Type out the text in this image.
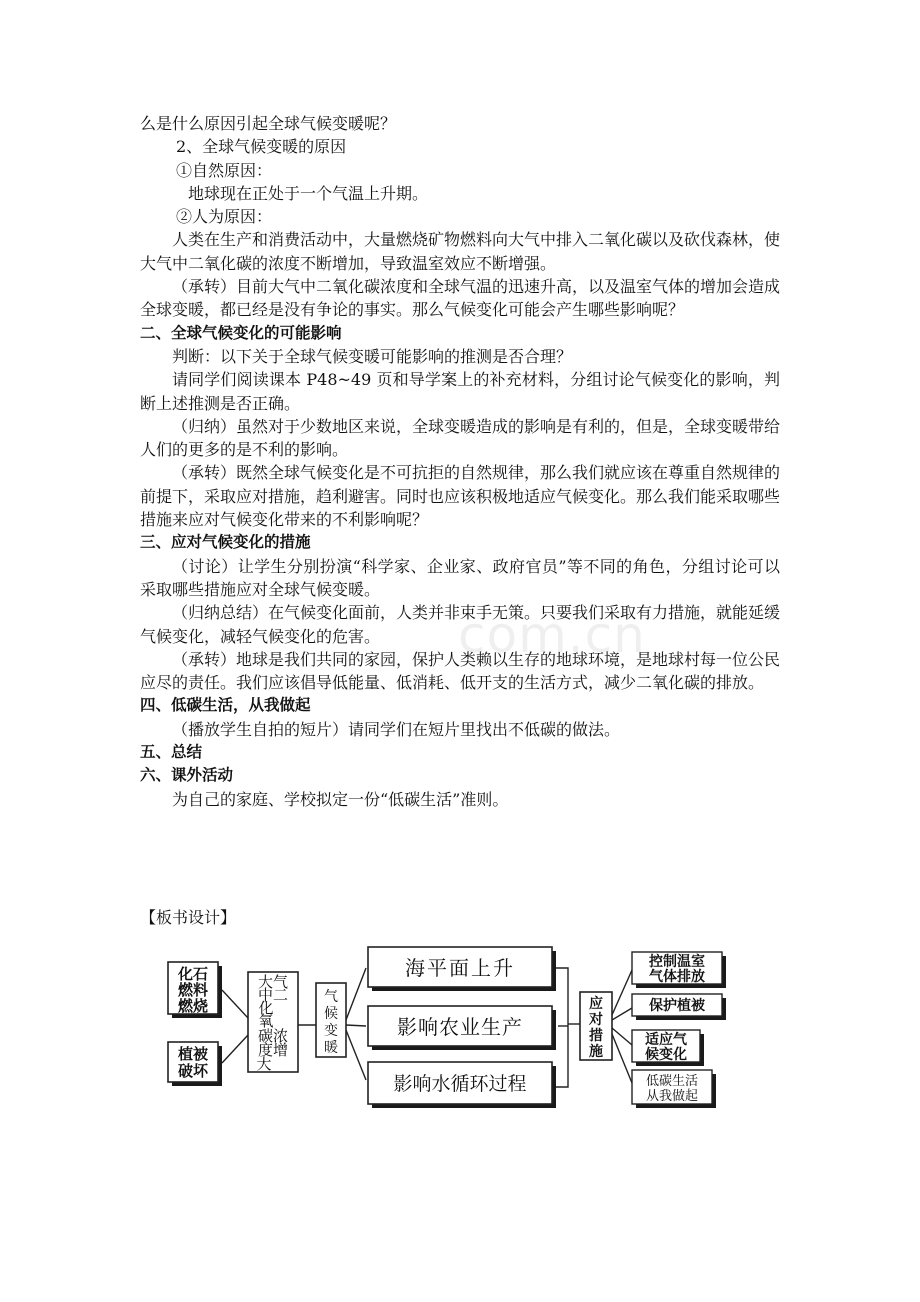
么是什么原因引起全球气候变暖呢？

2、全球气候变暖的原因

①自然原因：

地球现在正处于一个气温上升期。

②人为原因：

人类在生产和消费活动中，大量燃烧矿物燃料向大气中排入二氧化碳以及砍伐森林，使大气中二氧化碳的浓度不断增加，导致温室效应不断增强。

（承转）目前大气中二氧化碳浓度和全球气温的迅速升高，以及温室气体的增加会造成全球变暖，都已经是没有争论的事实。那么气候变化可能会产生哪些影响呢？

二、全球气候变化的可能影响

判断：以下关于全球气候变暖可能影响的推测是否合理？

请同学们阅读课本 P48~49 页和导学案上的补充材料，分组讨论气候变化的影响，判断上述推测是否正确。

（归纳）虽然对于少数地区来说，全球变暖造成的影响是有利的，但是，全球变暖带给人们的更多的是不利的影响。

（承转）既然全球气候变化是不可抗拒的自然规律，那么我们就应该在尊重自然规律的前提下，采取应对措施，趋利避害。同时也应该积极地适应气候变化。那么我们能采取哪些措施来应对气候变化带来的不利影响呢？

三、应对气候变化的措施

（讨论）让学生分别扮演“科学家、企业家、政府官员”等不同的角色，分组讨论可以采取哪些措施应对全球气候变暖。

（归纳总结）在气候变化面前，人类并非束手无策。只要我们采取有力措施，就能延缓气候变化，减轻气候变化的危害。

（承转）地球是我们共同的家园，保护人类赖以生存的地球环境，是地球村每一位公民应尽的责任。我们应该倡导低能量、低消耗、低开支的生活方式，减少二氧化碳的排放。

四、低碳生活，从我做起

（播放学生自拍的短片）请同学们在短片里找出不低碳的做法。

五、总结

六、课外活动

为自己的家庭、学校拟定一份“低碳生活”准则。

com.cn
【板书设计】
化石
燃料
燃烧
植被
破坏
大气
中二
化
氧
碳浓
度增
大
气
候
变
暖
海平面上升
影响农业生产
影响水循环过程
应
对
措
施
控制温室
气体排放
保护植被
适应气
候变化
低碳生活
从我做起
